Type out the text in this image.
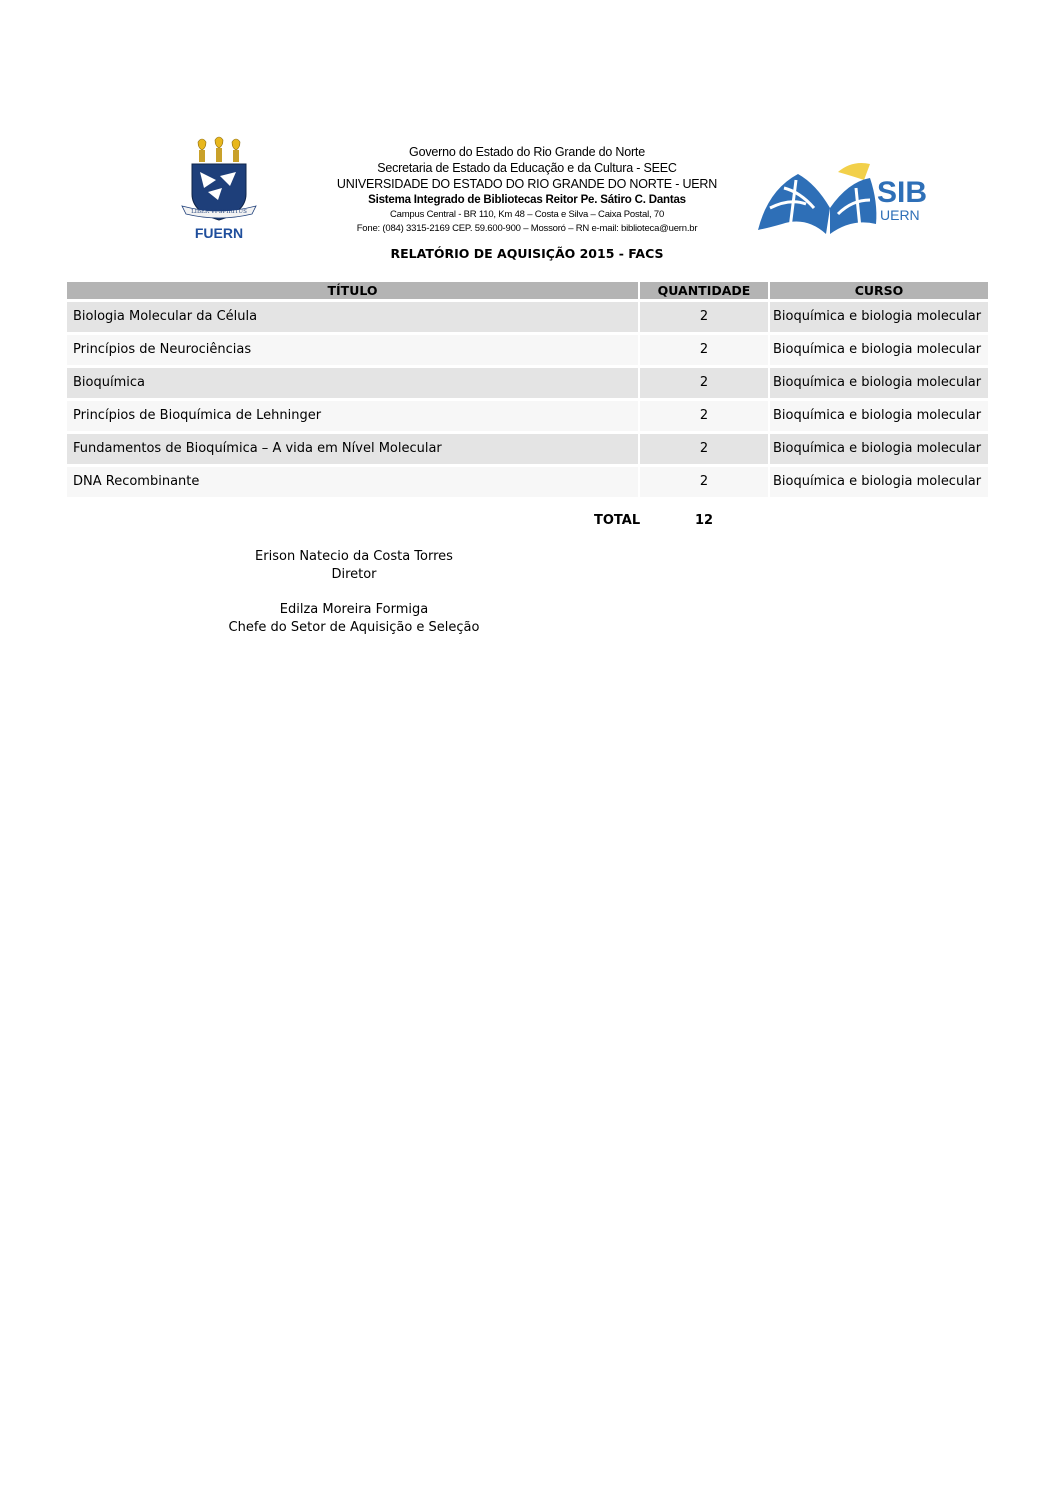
LIBER VI SPIRITUS
FUERN
Governo do Estado do Rio Grande do Norte
Secretaria de Estado da Educação e da Cultura - SEEC
UNIVERSIDADE DO ESTADO DO RIO GRANDE DO NORTE - UERN
Sistema Integrado de Bibliotecas Reitor Pe. Sátiro C. Dantas
Campus Central - BR 110, Km 48 – Costa e Silva – Caixa Postal, 70
Fone: (084) 3315-2169 CEP. 59.600-900 – Mossoró – RN e-mail: biblioteca@uern.br
SIB
UERN
RELATÓRIO DE AQUISIÇÃO 2015 - FACS
TÍTULO	QUANTIDADE	CURSO
Biologia Molecular da Célula	2	Bioquímica e biologia molecular
Princípios de Neurociências	2	Bioquímica e biologia molecular
Bioquímica	2	Bioquímica e biologia molecular
Princípios de Bioquímica de Lehninger	2	Bioquímica e biologia molecular
Fundamentos de Bioquímica – A vida em Nível Molecular	2	Bioquímica e biologia molecular
DNA Recombinante	2	Bioquímica e biologia molecular
TOTAL	12
Erison Natecio da Costa Torres
Diretor
Edilza Moreira Formiga
Chefe do Setor de Aquisição e Seleção
